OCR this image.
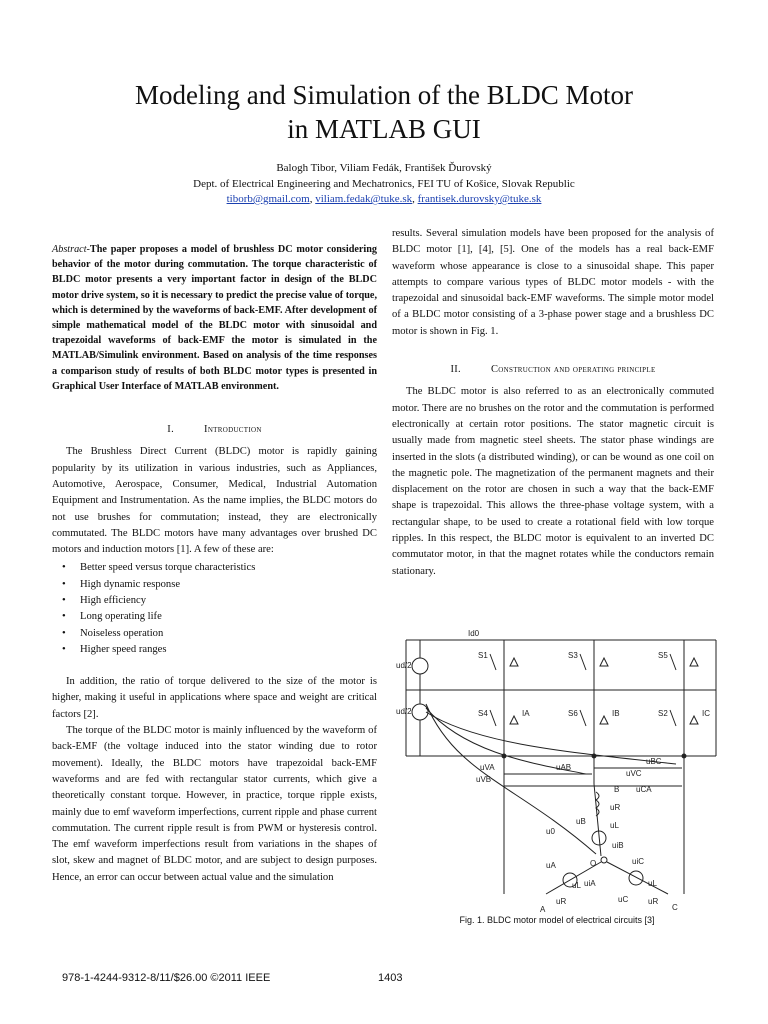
Modeling and Simulation of the BLDC Motor
in MATLAB GUI
Balogh Tibor, Viliam Fedák, František Ďurovský
Dept. of Electrical Engineering and Mechatronics, FEI TU of Košice, Slovak Republic
tiborb@gmail.com, viliam.fedak@tuke.sk, frantisek.durovsky@tuke.sk
Abstract-The paper proposes a model of brushless DC motor considering behavior of the motor during commutation. The torque characteristic of BLDC motor presents a very important factor in design of the BLDC motor drive system, so it is necessary to predict the precise value of torque, which is determined by the waveforms of back-EMF. After development of simple mathematical model of the BLDC motor with sinusoidal and trapezoidal waveforms of back-EMF the motor is simulated in the MATLAB/Simulink environment. Based on analysis of the time responses a comparison study of results of both BLDC motor types is presented in Graphical User Interface of MATLAB environment.
I.	Introduction

The Brushless Direct Current (BLDC) motor is rapidly gaining popularity by its utilization in various industries, such as Appliances, Automotive, Aerospace, Consumer, Medical, Industrial Automation Equipment and Instrumentation. As the name implies, the BLDC motors do not use brushes for commutation; instead, they are electronically commutated. The BLDC motors have many advantages over brushed DC motors and induction motors [1]. A few of these are:

• Better speed versus torque characteristics
• High dynamic response
• High efficiency
• Long operating life
• Noiseless operation
• Higher speed ranges

In addition, the ratio of torque delivered to the size of the motor is higher, making it useful in applications where space and weight are critical factors [2].

The torque of the BLDC motor is mainly influenced by the waveform of back-EMF (the voltage induced into the stator winding due to rotor movement). Ideally, the BLDC motors have trapezoidal back-EMF waveforms and are fed with rectangular stator currents, which give a theoretically constant torque. However, in practice, torque ripple exists, mainly due to emf waveform imperfections, current ripple and phase current commutation. The current ripple result is from PWM or hysteresis control. The emf waveform imperfections result from variations in the shapes of slot, skew and magnet of BLDC motor, and are subject to design purposes. Hence, an error can occur between actual value and the simulation

results. Several simulation models have been proposed for the analysis of BLDC motor [1], [4], [5]. One of the models has a real back-EMF waveform whose appearance is close to a sinusoidal shape. This paper attempts to compare various types of BLDC motor models - with the trapezoidal and sinusoidal back-EMF waveforms. The simple motor model of a BLDC motor consisting of a 3-phase power stage and a brushless DC motor is shown in Fig. 1.

II.	Construction and operating principle

The BLDC motor is also referred to as an electronically commuted motor. There are no brushes on the rotor and the commutation is performed electronically at certain rotor positions. The stator magnetic circuit is usually made from magnetic steel sheets. The stator phase windings are inserted in the slots (a distributed winding), or can be wound as one coil on the magnetic pole. The magnetization of the permanent magnets and their displacement on the rotor are chosen in such a way that the back-EMF shape is trapezoidal. This allows the three-phase voltage system, with a rectangular shape, to be used to create a rotational field with low torque ripples. In this respect, the BLDC motor is equivalent to an inverted DC commutator motor, in that the magnet rotates while the conductors remain stationary.

Id0
ud/2
ud/2
S1	S3	S5
S4	S6	S2
IA	IB	IC
uVA	uAB
uBC
uVB
uVC
uCA
B
uR
uL
uB
uiB
u0
O
uA
uL uiA
uR
uiC
uL
uC uR
A	C
Fig. 1. BLDC motor model of electrical circuits [3]
978-1-4244-9312-8/11/$26.00 ©2011 IEEE	1403
